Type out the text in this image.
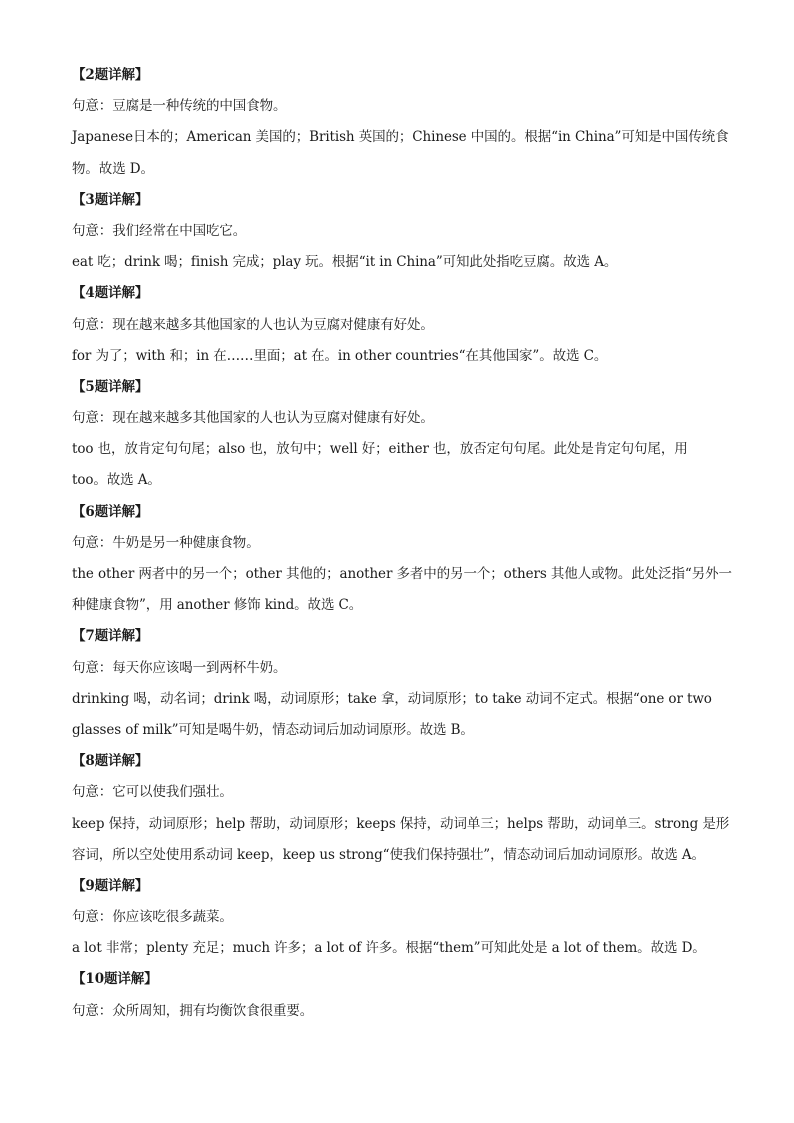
【2题详解】
句意：豆腐是一种传统的中国食物。
Japanese日本的；American 美国的；British 英国的；Chinese 中国的。根据“in China”可知是中国传统食
物。故选 D。
【3题详解】
句意：我们经常在中国吃它。
eat 吃；drink 喝；finish 完成；play 玩。根据“it in China”可知此处指吃豆腐。故选 A。
【4题详解】
句意：现在越来越多其他国家的人也认为豆腐对健康有好处。
for 为了；with 和；in 在……里面；at 在。in other countries“在其他国家”。故选 C。
【5题详解】
句意：现在越来越多其他国家的人也认为豆腐对健康有好处。
too 也，放肯定句句尾；also 也，放句中；well 好；either 也，放否定句句尾。此处是肯定句句尾，用
too。故选 A。
【6题详解】
句意：牛奶是另一种健康食物。
the other 两者中的另一个；other 其他的；another 多者中的另一个；others 其他人或物。此处泛指“另外一
种健康食物”，用 another 修饰 kind。故选 C。
【7题详解】
句意：每天你应该喝一到两杯牛奶。
drinking 喝，动名词；drink 喝，动词原形；take 拿，动词原形；to take 动词不定式。根据“one or two
glasses of milk”可知是喝牛奶，情态动词后加动词原形。故选 B。
【8题详解】
句意：它可以使我们强壮。
keep 保持，动词原形；help 帮助，动词原形；keeps 保持，动词单三；helps 帮助，动词单三。strong 是形
容词，所以空处使用系动词 keep，keep us strong“使我们保持强壮”，情态动词后加动词原形。故选 A。
【9题详解】
句意：你应该吃很多蔬菜。
a lot 非常；plenty 充足；much 许多；a lot of 许多。根据“them”可知此处是 a lot of them。故选 D。
【10题详解】
句意：众所周知，拥有均衡饮食很重要。
